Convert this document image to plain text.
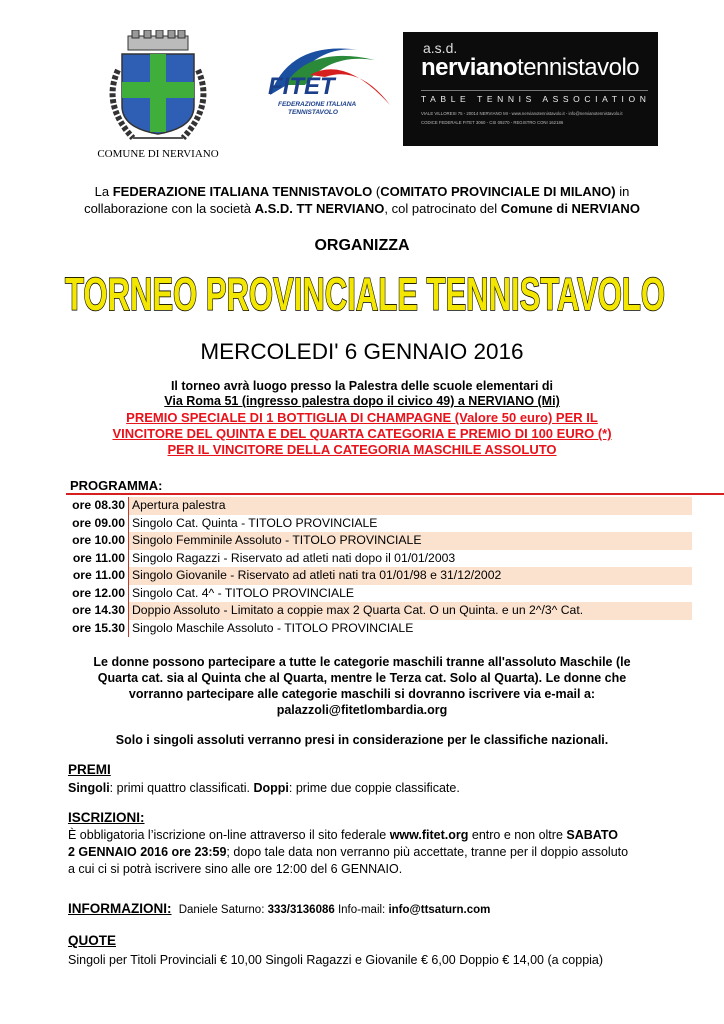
COMUNE DI NERVIANO
FITET
FEDERAZIONE ITALIANA
TENNISTAVOLO
a.s.d.
nervianotennistavolo
TABLE TENNIS ASSOCIATION
VIALE VILLORESI 75 - 20014 NERVIANO MI - www.nervianotennistavolo.it - info@nervianotennistavolo.it
CODICE FEDERALE FITET 3060 - CSI 09270 - REGISTRO CONI 162186
La FEDERAZIONE ITALIANA TENNISTAVOLO (COMITATO PROVINCIALE DI MILANO) in
collaborazione con la società A.S.D. TT NERVIANO, col patrocinato del Comune di NERVIANO
ORGANIZZA
TORNEO PROVINCIALE TENNISTAVOLO
MERCOLEDI' 6 GENNAIO 2016
Il torneo avrà luogo presso la Palestra delle scuole elementari di
Via Roma 51 (ingresso palestra dopo il civico 49) a NERVIANO (Mi)
PREMIO SPECIALE DI 1 BOTTIGLIA DI CHAMPAGNE (Valore 50 euro) PER IL
VINCITORE DEL QUINTA E DEL QUARTA CATEGORIA E PREMIO DI 100 EURO (*)
PER IL VINCITORE DELLA CATEGORIA MASCHILE ASSOLUTO
PROGRAMMA:
ore 08.30	Apertura palestra
ore 09.00	Singolo Cat. Quinta - TITOLO PROVINCIALE
ore 10.00	Singolo Femminile Assoluto - TITOLO PROVINCIALE
ore 11.00	Singolo Ragazzi - Riservato ad atleti nati dopo il 01/01/2003
ore 11.00	Singolo Giovanile - Riservato ad atleti nati tra 01/01/98 e 31/12/2002
ore 12.00	Singolo Cat. 4^ - TITOLO PROVINCIALE
ore 14.30	Doppio Assoluto - Limitato a coppie max 2 Quarta Cat. O un Quinta. e un 2^/3^ Cat.
ore 15.30	Singolo Maschile Assoluto - TITOLO PROVINCIALE
Le donne possono partecipare a tutte le categorie maschili tranne all'assoluto Maschile (le
Quarta cat. sia al Quinta che al Quarta, mentre le Terza cat. Solo al Quarta). Le donne che
vorranno partecipare alle categorie maschili si dovranno iscrivere via e-mail a:
palazzoli@fitetlombardia.org
Solo i singoli assoluti verranno presi in considerazione per le classifiche nazionali.
PREMI
Singoli: primi quattro classificati. Doppi: prime due coppie classificate.
ISCRIZIONI:
È obbligatoria l’iscrizione on-line attraverso il sito federale www.fitet.org entro e non oltre SABATO
2 GENNAIO 2016 ore 23:59; dopo tale data non verranno più accettate, tranne per il doppio assoluto
a cui ci si potrà iscrivere sino alle ore 12:00 del 6 GENNAIO.
INFORMAZIONI: Daniele Saturno: 333/3136086 Info-mail: info@ttsaturn.com
QUOTE
Singoli per Titoli Provinciali € 10,00 Singoli Ragazzi e Giovanile € 6,00 Doppio € 14,00 (a coppia)
